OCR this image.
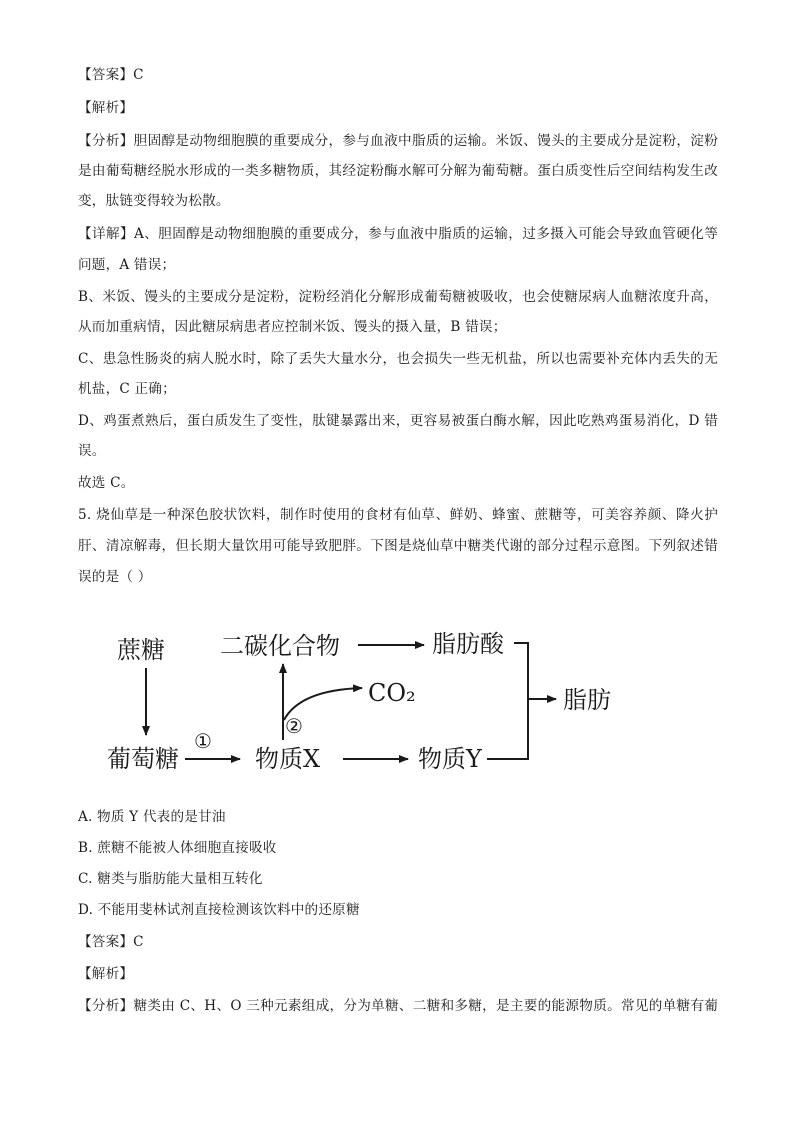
【答案】C
【解析】
【分析】胆固醇是动物细胞膜的重要成分，参与血液中脂质的运输。米饭、馒头的主要成分是淀粉，淀粉
是由葡萄糖经脱水形成的一类多糖物质，其经淀粉酶水解可分解为葡萄糖。蛋白质变性后空间结构发生改
变，肽链变得较为松散。
【详解】A、胆固醇是动物细胞膜的重要成分，参与血液中脂质的运输，过多摄入可能会导致血管硬化等
问题，A 错误；
B、米饭、馒头的主要成分是淀粉，淀粉经消化分解形成葡萄糖被吸收，也会使糖尿病人血糖浓度升高，
从而加重病情，因此糖尿病患者应控制米饭、馒头的摄入量，B 错误；
C、患急性肠炎的病人脱水时，除了丢失大量水分，也会损失一些无机盐，所以也需要补充体内丢失的无
机盐，C 正确；
D、鸡蛋煮熟后，蛋白质发生了变性，肽键暴露出来，更容易被蛋白酶水解，因此吃熟鸡蛋易消化，D 错
误。
故选 C。
5. 烧仙草是一种深色胶状饮料，制作时使用的食材有仙草、鲜奶、蜂蜜、蔗糖等，可美容养颜、降火护
肝、清凉解毒，但长期大量饮用可能导致肥胖。下图是烧仙草中糖类代谢的部分过程示意图。下列叙述错
误的是（ ）
蔗糖
葡萄糖
①
物质X	物质Y
②
二碳化合物
CO₂
脂肪酸
脂肪
A. 物质 Y 代表的是甘油
B. 蔗糖不能被人体细胞直接吸收
C. 糖类与脂肪能大量相互转化
D. 不能用斐林试剂直接检测该饮料中的还原糖
【答案】C
【解析】
【分析】糖类由 C、H、O 三种元素组成，分为单糖、二糖和多糖，是主要的能源物质。常见的单糖有葡
